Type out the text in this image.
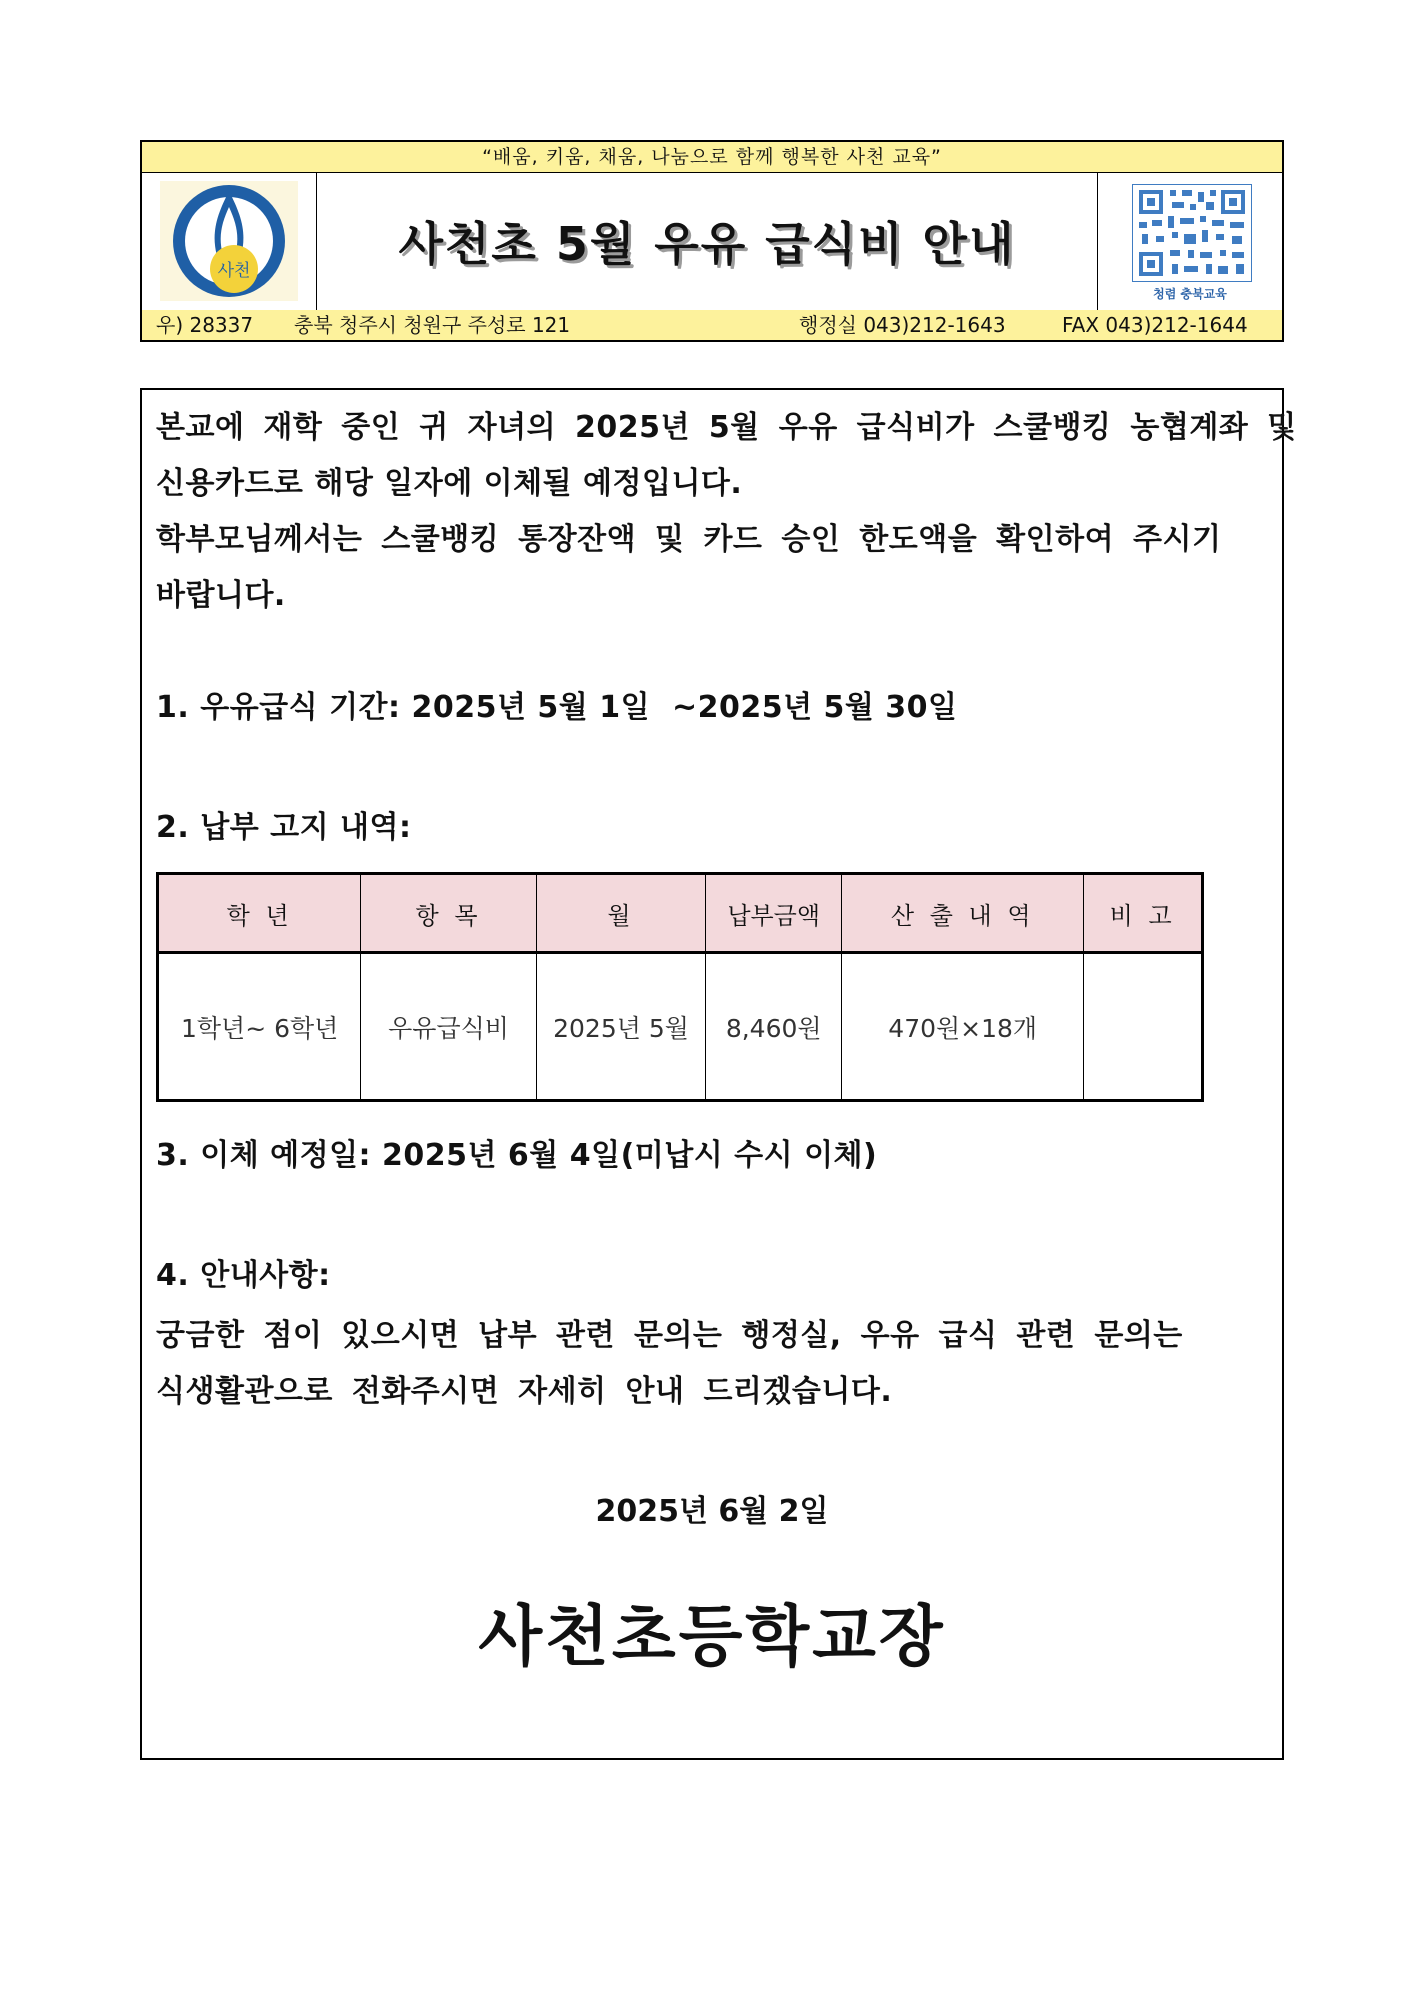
“배움, 키움, 채움, 나눔으로 함께 행복한 사천 교육”
사천	사천초 5월 우유 급식비 안내
청렴 충북교육
우) 28337 충북 청주시 청원구 주성로 121	행정실 043)212-1643	FAX 043)212-1644
본교에 재학 중인 귀 자녀의 2025년 5월 우유 급식비가 스쿨뱅킹 농협계좌 및
신용카드로 해당 일자에 이체될 예정입니다.
학부모님께서는 스쿨뱅킹 통장잔액 및 카드 승인 한도액을 확인하여 주시기
바랍니다.
1. 우유급식 기간: 2025년 5월 1일  ~2025년 5월 30일
2. 납부 고지 내역:
학 년	항 목	월	납부금액	산 출 내 역	비 고
1학년~ 6학년	우유급식비	2025년 5월	8,460원	470원×18개	
3. 이체 예정일: 2025년 6월 4일(미납시 수시 이체)
4. 안내사항:
궁금한 점이 있으시면 납부 관련 문의는 행정실, 우유 급식 관련 문의는
식생활관으로 전화주시면 자세히 안내 드리겠습니다.
2025년 6월 2일
사천초등학교장
